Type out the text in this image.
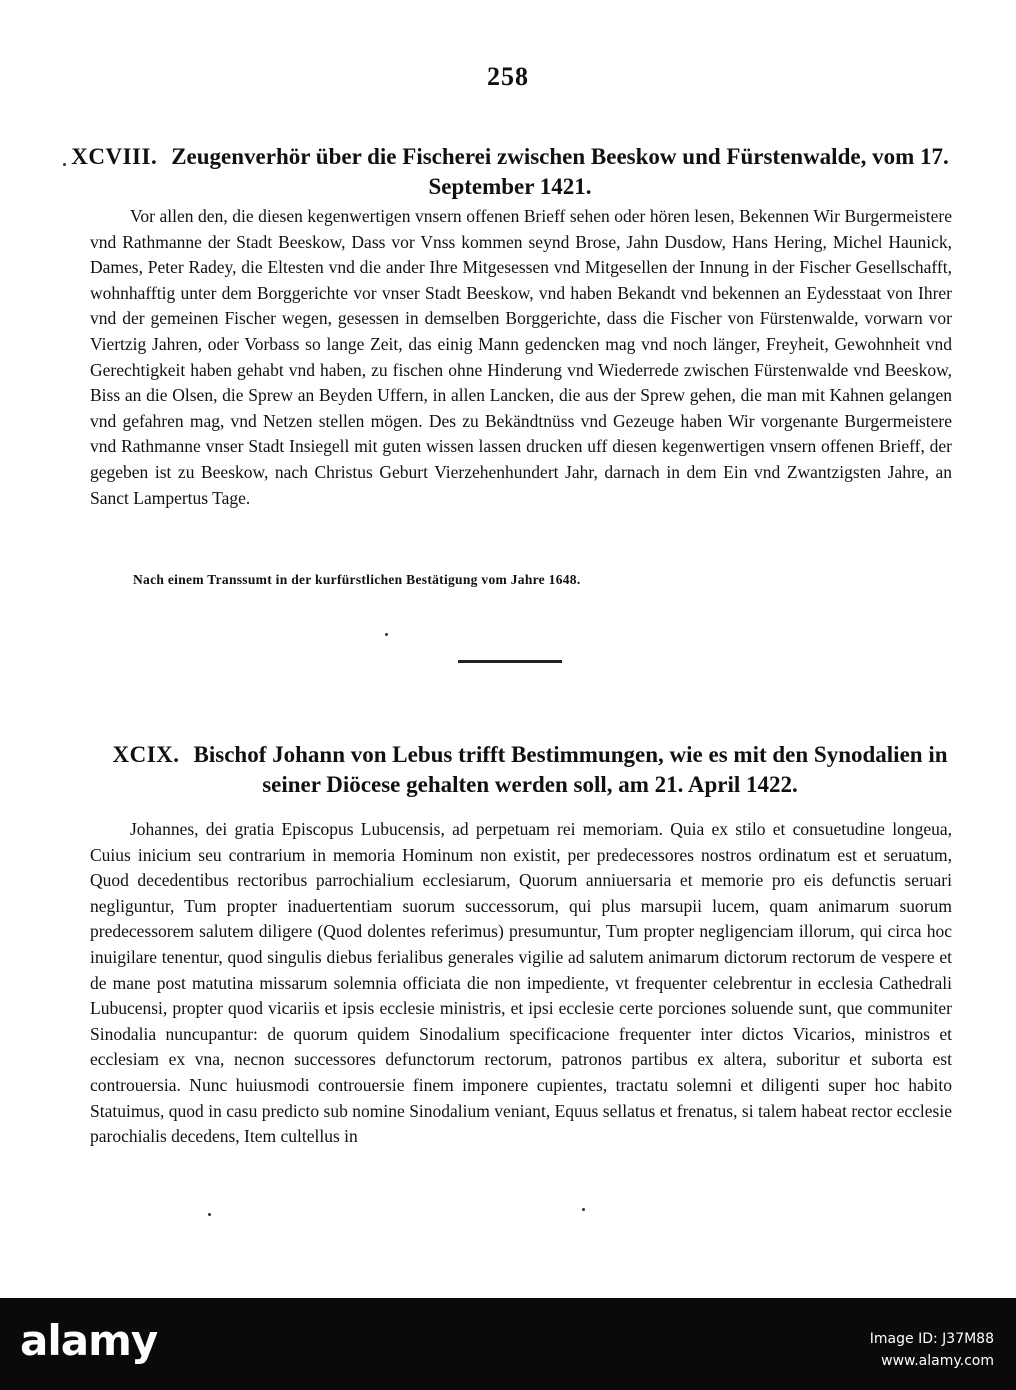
258
XCVIII. Zeugenverhör über die Fischerei zwischen Beeskow und Fürstenwalde, vom 17. September 1421.
Vor allen den, die diesen kegenwertigen vnsern offenen Brieff sehen oder hören lesen, Bekennen Wir Burgermeistere vnd Rathmanne der Stadt Beeskow, Dass vor Vnss kommen seynd Brose, Jahn Dusdow, Hans Hering, Michel Haunick, Dames, Peter Radey, die Eltesten vnd die ander Ihre Mitgesessen vnd Mitgesellen der Innung in der Fischer Gesellschafft, wohnhafftig unter dem Borggerichte vor vnser Stadt Beeskow, vnd haben Bekandt vnd bekennen an Eydesstaat von Ihrer vnd der gemeinen Fischer wegen, gesessen in demselben Borggerichte, dass die Fischer von Fürstenwalde, vorwarn vor Viertzig Jahren, oder Vorbass so lange Zeit, das einig Mann gedencken mag vnd noch länger, Freyheit, Gewohnheit vnd Gerechtigkeit haben gehabt vnd haben, zu fischen ohne Hinderung vnd Wiederrede zwischen Fürstenwalde vnd Beeskow, Biss an die Olsen, die Sprew an Beyden Uffern, in allen Lancken, die aus der Sprew gehen, die man mit Kahnen gelangen vnd gefahren mag, vnd Netzen stellen mögen. Des zu Bekändtnüss vnd Gezeuge haben Wir vorgenante Burgermeistere vnd Rathmanne vnser Stadt Insiegell mit guten wissen lassen drucken uff diesen kegenwertigen vnsern offenen Brieff, der gegeben ist zu Beeskow, nach Christus Geburt Vierzehenhundert Jahr, darnach in dem Ein vnd Zwantzigsten Jahre, an Sanct Lampertus Tage.
Nach einem Transsumt in der kurfürstlichen Bestätigung vom Jahre 1648.
XCIX. Bischof Johann von Lebus trifft Bestimmungen, wie es mit den Synodalien in seiner Diöcese gehalten werden soll, am 21. April 1422.
Johannes, dei gratia Episcopus Lubucensis, ad perpetuam rei memoriam. Quia ex stilo et consuetudine longeua, Cuius inicium seu contrarium in memoria Hominum non existit, per predecessores nostros ordinatum est et seruatum, Quod decedentibus rectoribus parrochialium ecclesiarum, Quorum anniuersaria et memorie pro eis defunctis seruari negliguntur, Tum propter inaduertentiam suorum successorum, qui plus marsupii lucem, quam animarum suorum predecessorem salutem diligere (Quod dolentes referimus) presumuntur, Tum propter negligenciam illorum, qui circa hoc inuigilare tenentur, quod singulis diebus ferialibus generales vigilie ad salutem animarum dictorum rectorum de vespere et de mane post matutina missarum solemnia officiata die non impediente, vt frequenter celebrentur in ecclesia Cathedrali Lubucensi, propter quod vicariis et ipsis ecclesie ministris, et ipsi ecclesie certe porciones soluende sunt, que communiter Sinodalia nuncupantur: de quorum quidem Sinodalium specificacione frequenter inter dictos Vicarios, ministros et ecclesiam ex vna, necnon successores defunctorum rectorum, patronos partibus ex altera, suboritur et suborta est controuersia. Nunc huiusmodi controuersie finem imponere cupientes, tractatu solemni et diligenti super hoc habito Statuimus, quod in casu predicto sub nomine Sinodalium veniant, Equus sellatus et frenatus, si talem habeat rector ecclesie parochialis decedens, Item cultellus in
alamy	Image ID: J37M88
www.alamy.com
